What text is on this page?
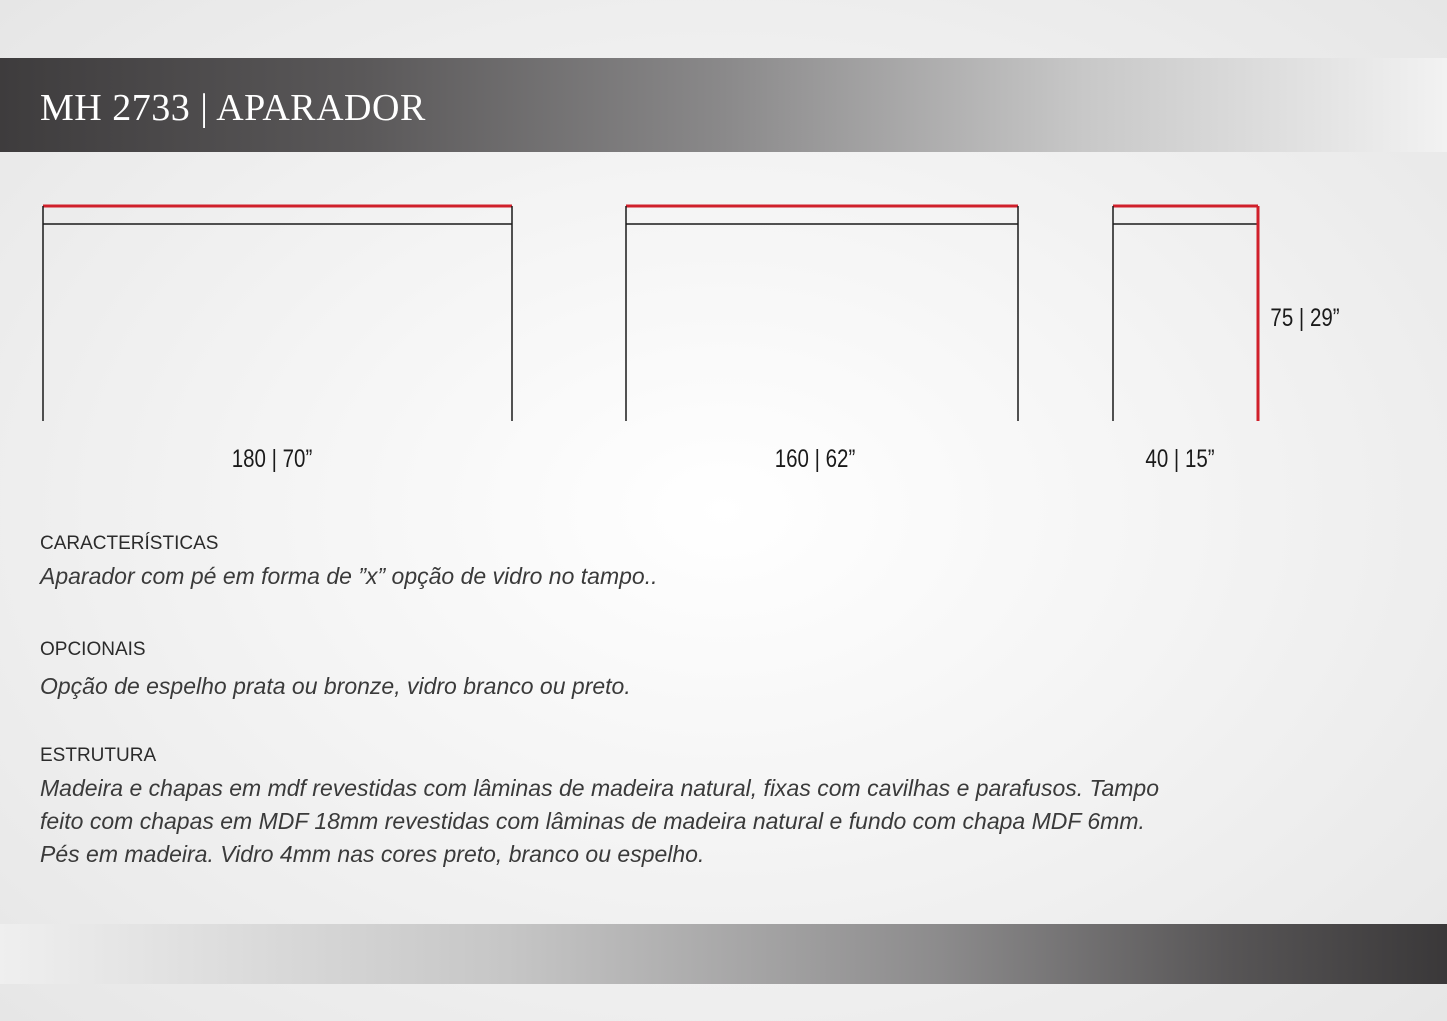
MH 2733 | APARADOR
180 | 70”	160 | 62”	40 | 15”
75 | 29”
CARACTERÍSTICAS

Aparador com pé em forma de ”x” opção de vidro no tampo..

OPCIONAIS

Opção de espelho prata ou bronze, vidro branco ou preto.

ESTRUTURA

Madeira e chapas em mdf revestidas com lâminas de madeira natural, fixas com cavilhas e parafusos. Tampo
feito com chapas em MDF 18mm revestidas com lâminas de madeira natural e fundo com chapa MDF 6mm.
Pés em madeira. Vidro 4mm nas cores preto, branco ou espelho.
